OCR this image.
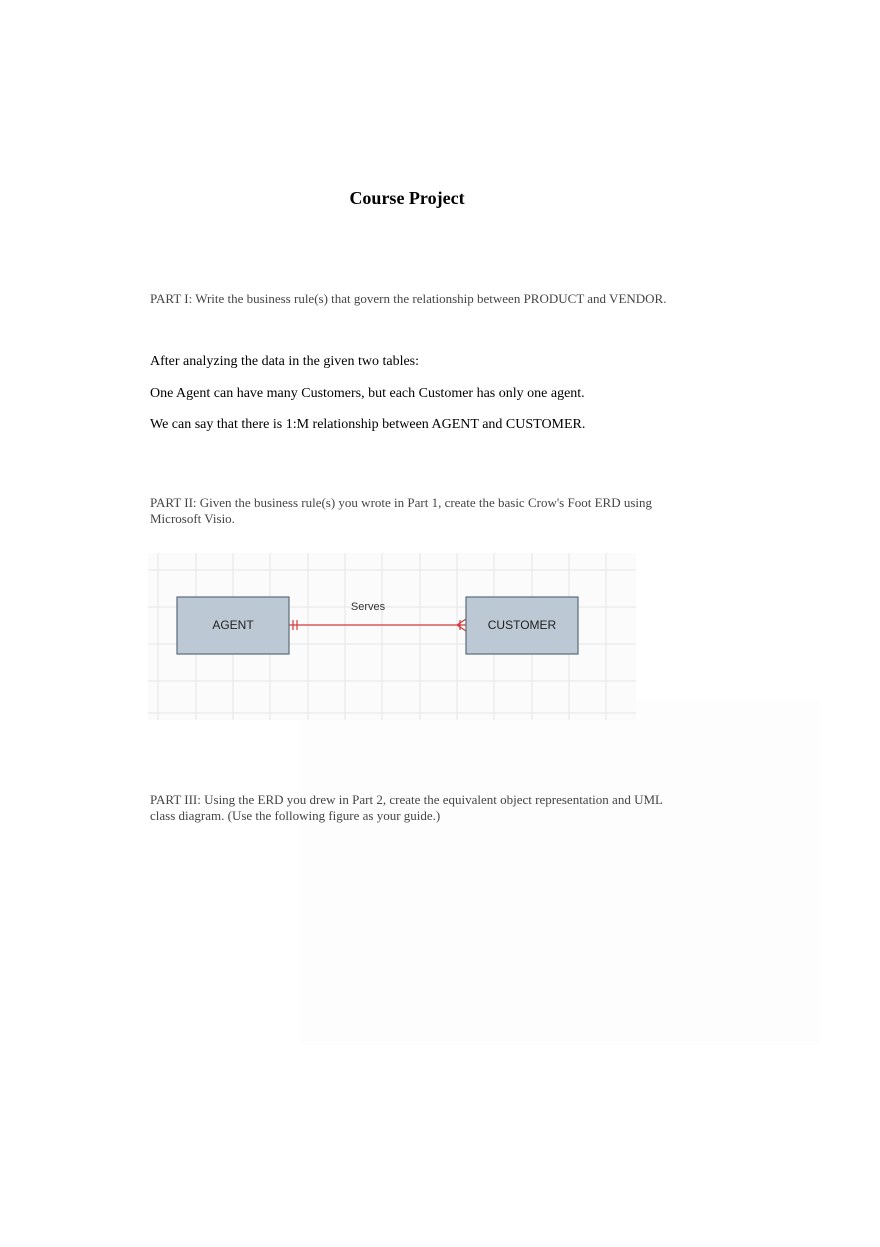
Course Project

PART I: Write the business rule(s) that govern the relationship between PRODUCT and VENDOR.

After analyzing the data in the given two tables:

One Agent can have many Customers, but each Customer has only one agent.

We can say that there is 1:M relationship between AGENT and CUSTOMER.

PART II: Given the business rule(s) you wrote in Part 1, create the basic Crow's Foot ERD using Microsoft Visio.

AGENT	CUSTOMER
Serves

PART III: Using the ERD you drew in Part 2, create the equivalent object representation and UML class diagram. (Use the following figure as your guide.)
